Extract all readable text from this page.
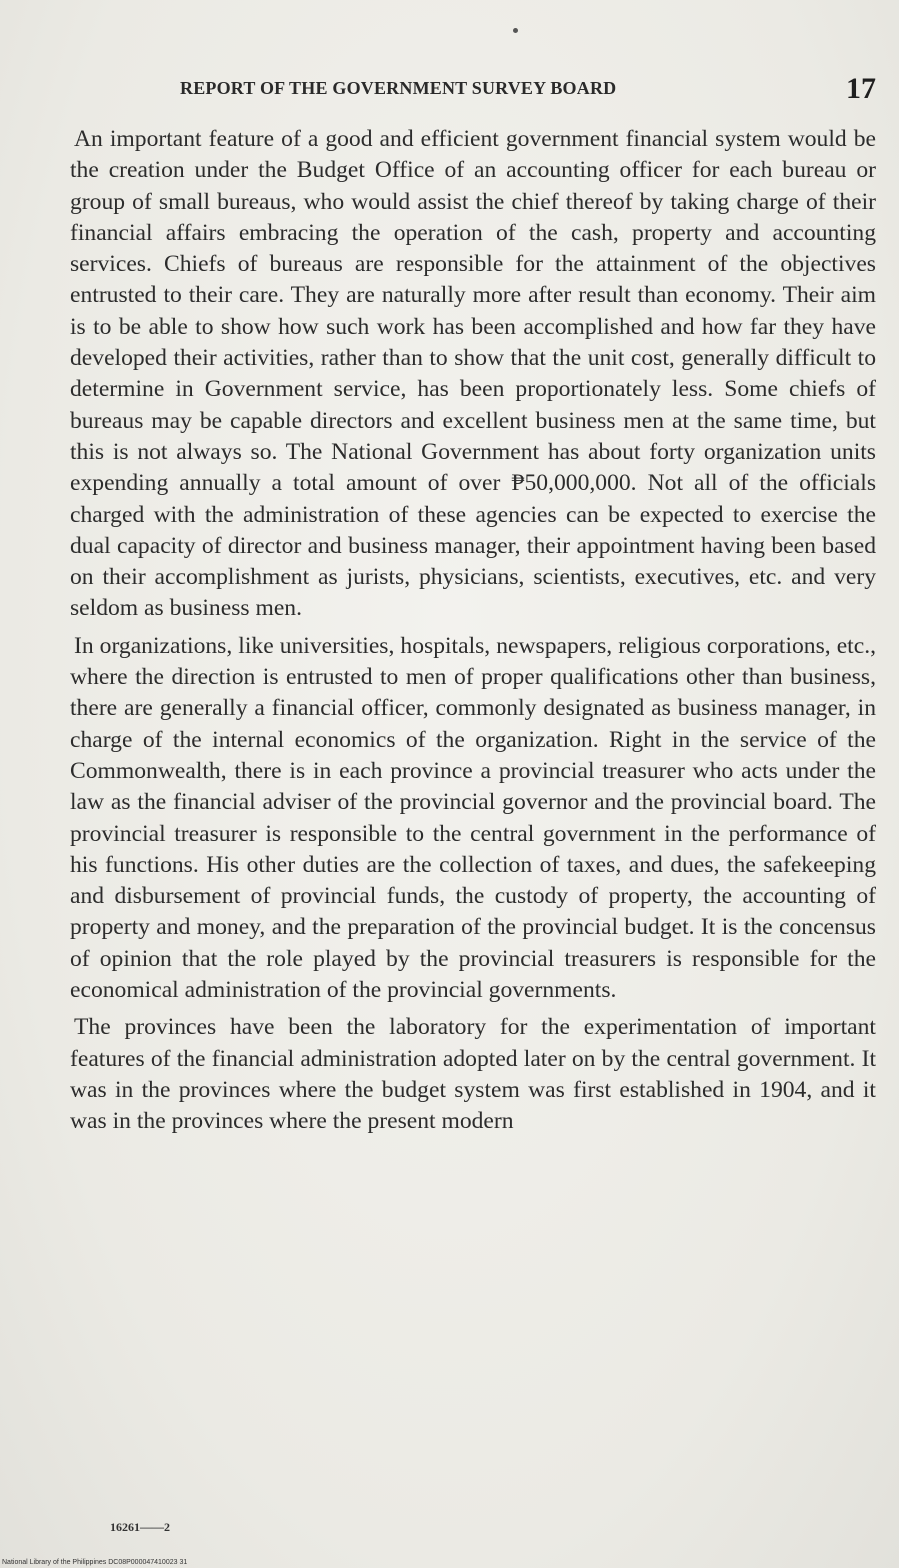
REPORT OF THE GOVERNMENT SURVEY BOARD	17

An important feature of a good and efficient government financial system would be the creation under the Budget Office of an accounting officer for each bureau or group of small bureaus, who would assist the chief thereof by taking charge of their financial affairs embracing the operation of the cash, property and accounting services. Chiefs of bureaus are responsible for the attainment of the objectives entrusted to their care. They are naturally more after result than economy. Their aim is to be able to show how such work has been accomplished and how far they have developed their activities, rather than to show that the unit cost, generally difficult to determine in Government service, has been proportionately less. Some chiefs of bureaus may be capable directors and excellent business men at the same time, but this is not always so. The National Government has about forty organization units expending annually a total amount of over ₱50,000,000. Not all of the officials charged with the administration of these agencies can be expected to exercise the dual capacity of director and business manager, their appointment having been based on their accomplishment as jurists, physicians, scientists, executives, etc. and very seldom as business men.

In organizations, like universities, hospitals, newspapers, religious corporations, etc., where the direction is entrusted to men of proper qualifications other than business, there are generally a financial officer, commonly designated as business manager, in charge of the internal economics of the organization. Right in the service of the Commonwealth, there is in each province a provincial treasurer who acts under the law as the financial adviser of the provincial governor and the provincial board. The provincial treasurer is responsible to the central government in the performance of his functions. His other duties are the collection of taxes, and dues, the safekeeping and disbursement of provincial funds, the custody of property, the accounting of property and money, and the preparation of the provincial budget. It is the concensus of opinion that the role played by the provincial treasurers is responsible for the economical administration of the provincial governments.

The provinces have been the laboratory for the experimentation of important features of the financial administration adopted later on by the central government. It was in the provinces where the budget system was first established in 1904, and it was in the provinces where the present modern

16261——2
National Library of the Philippines DC08P000047410023 31
